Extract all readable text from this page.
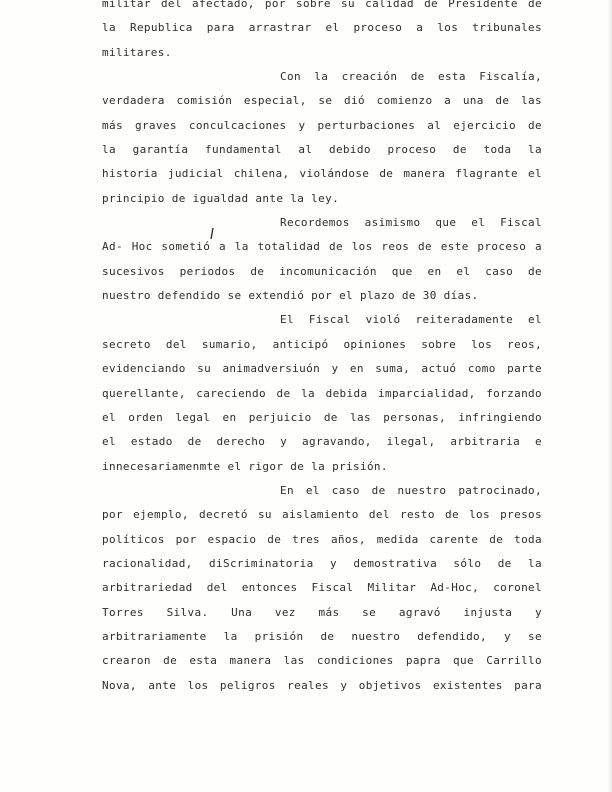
militar del afectado, por sobre su calidad de Presidente de
la Republica para arrastrar el proceso a los tribunales
militares.
Con la creación de esta Fiscalía,
verdadera comisión especial, se dió comienzo a una de las
más graves conculcaciones y perturbaciones al ejercicio de
la garantía fundamental al debido proceso de toda la
historia judicial chilena, violándose de manera flagrante el
principio de igualdad ante la ley.
Recordemos asimismo que el Fiscal
Ad- Hoc sometió a la totalidad de los reos de este proceso a
sucesivos periodos de incomunicación que en el caso de
nuestro defendido se extendió por el plazo de 30 días.
El Fiscal violó reiteradamente el
secreto del sumario, anticipó opiniones sobre los reos,
evidenciando su animadversiuón y en suma, actuó como parte
querellante, careciendo de la debida imparcialidad, forzando
el orden legal en perjuicio de las personas, infringiendo
el estado de derecho y agravando, ilegal, arbitraria e
innecesariamenmte el rigor de la prisión.
En el caso de nuestro patrocinado,
por ejemplo, decretó su aislamiento del resto de los presos
políticos por espacio de tres años, medida carente de toda
racionalidad, diScriminatoria y demostrativa sólo de la
arbitrariedad del entonces Fiscal Militar Ad-Hoc, coronel
Torres Silva. Una vez más se agravó injusta y
arbitrariamente la prisión de nuestro defendido, y se
crearon de esta manera las condiciones papra que Carrillo
Nova, ante los peligros reales y objetivos existentes para
